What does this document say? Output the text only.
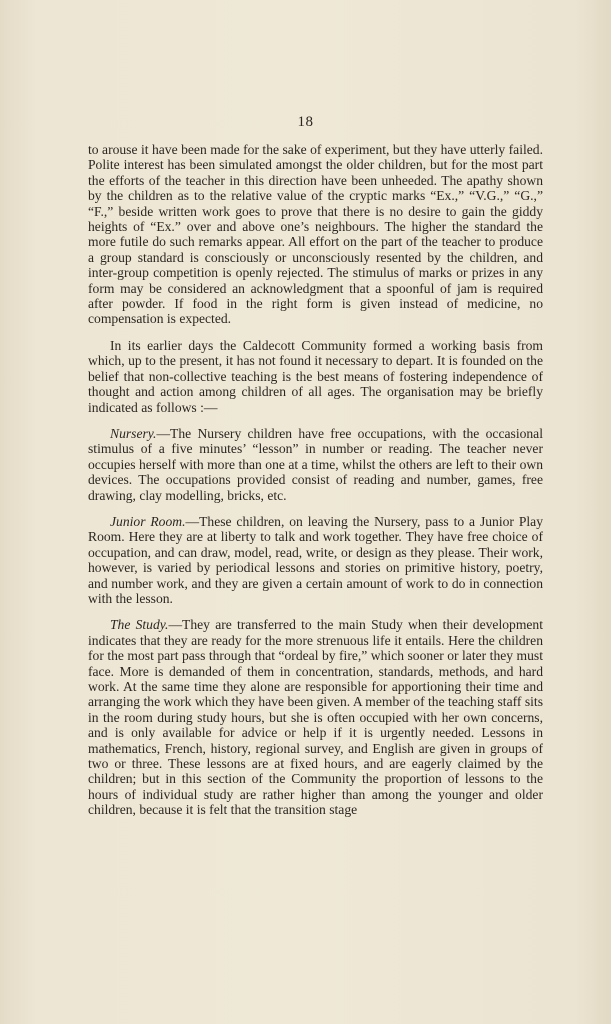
18

to arouse it have been made for the sake of experiment, but they have utterly failed. Polite interest has been simulated amongst the older children, but for the most part the efforts of the teacher in this direction have been unheeded. The apathy shown by the children as to the relative value of the cryptic marks “Ex.,” “V.G.,” “G.,” “F.,” beside written work goes to prove that there is no desire to gain the giddy heights of “Ex.” over and above one’s neighbours. The higher the standard the more futile do such remarks appear. All effort on the part of the teacher to produce a group standard is consciously or unconsciously resented by the children, and inter-group competition is openly rejected. The stimulus of marks or prizes in any form may be considered an acknowledgment that a spoonful of jam is required after powder. If food in the right form is given instead of medicine, no compensation is expected.

In its earlier days the Caldecott Community formed a working basis from which, up to the present, it has not found it necessary to depart. It is founded on the belief that non-collective teaching is the best means of fostering independence of thought and action among children of all ages. The organisation may be briefly indicated as follows :—

Nursery.—The Nursery children have free occupations, with the occasional stimulus of a five minutes’ “lesson” in number or reading. The teacher never occupies herself with more than one at a time, whilst the others are left to their own devices. The occupations provided consist of reading and number, games, free drawing, clay modelling, bricks, etc.

Junior Room.—These children, on leaving the Nursery, pass to a Junior Play Room. Here they are at liberty to talk and work together. They have free choice of occupation, and can draw, model, read, write, or design as they please. Their work, however, is varied by periodical lessons and stories on primitive history, poetry, and number work, and they are given a certain amount of work to do in connection with the lesson.

The Study.—They are transferred to the main Study when their development indicates that they are ready for the more strenuous life it entails. Here the children for the most part pass through that “ordeal by fire,” which sooner or later they must face. More is demanded of them in concentration, standards, methods, and hard work. At the same time they alone are responsible for apportioning their time and arranging the work which they have been given. A member of the teaching staff sits in the room during study hours, but she is often occupied with her own concerns, and is only available for advice or help if it is urgently needed. Lessons in mathematics, French, history, regional survey, and English are given in groups of two or three. These lessons are at fixed hours, and are eagerly claimed by the children; but in this section of the Community the proportion of lessons to the hours of individual study are rather higher than among the younger and older children, because it is felt that the transition stage
